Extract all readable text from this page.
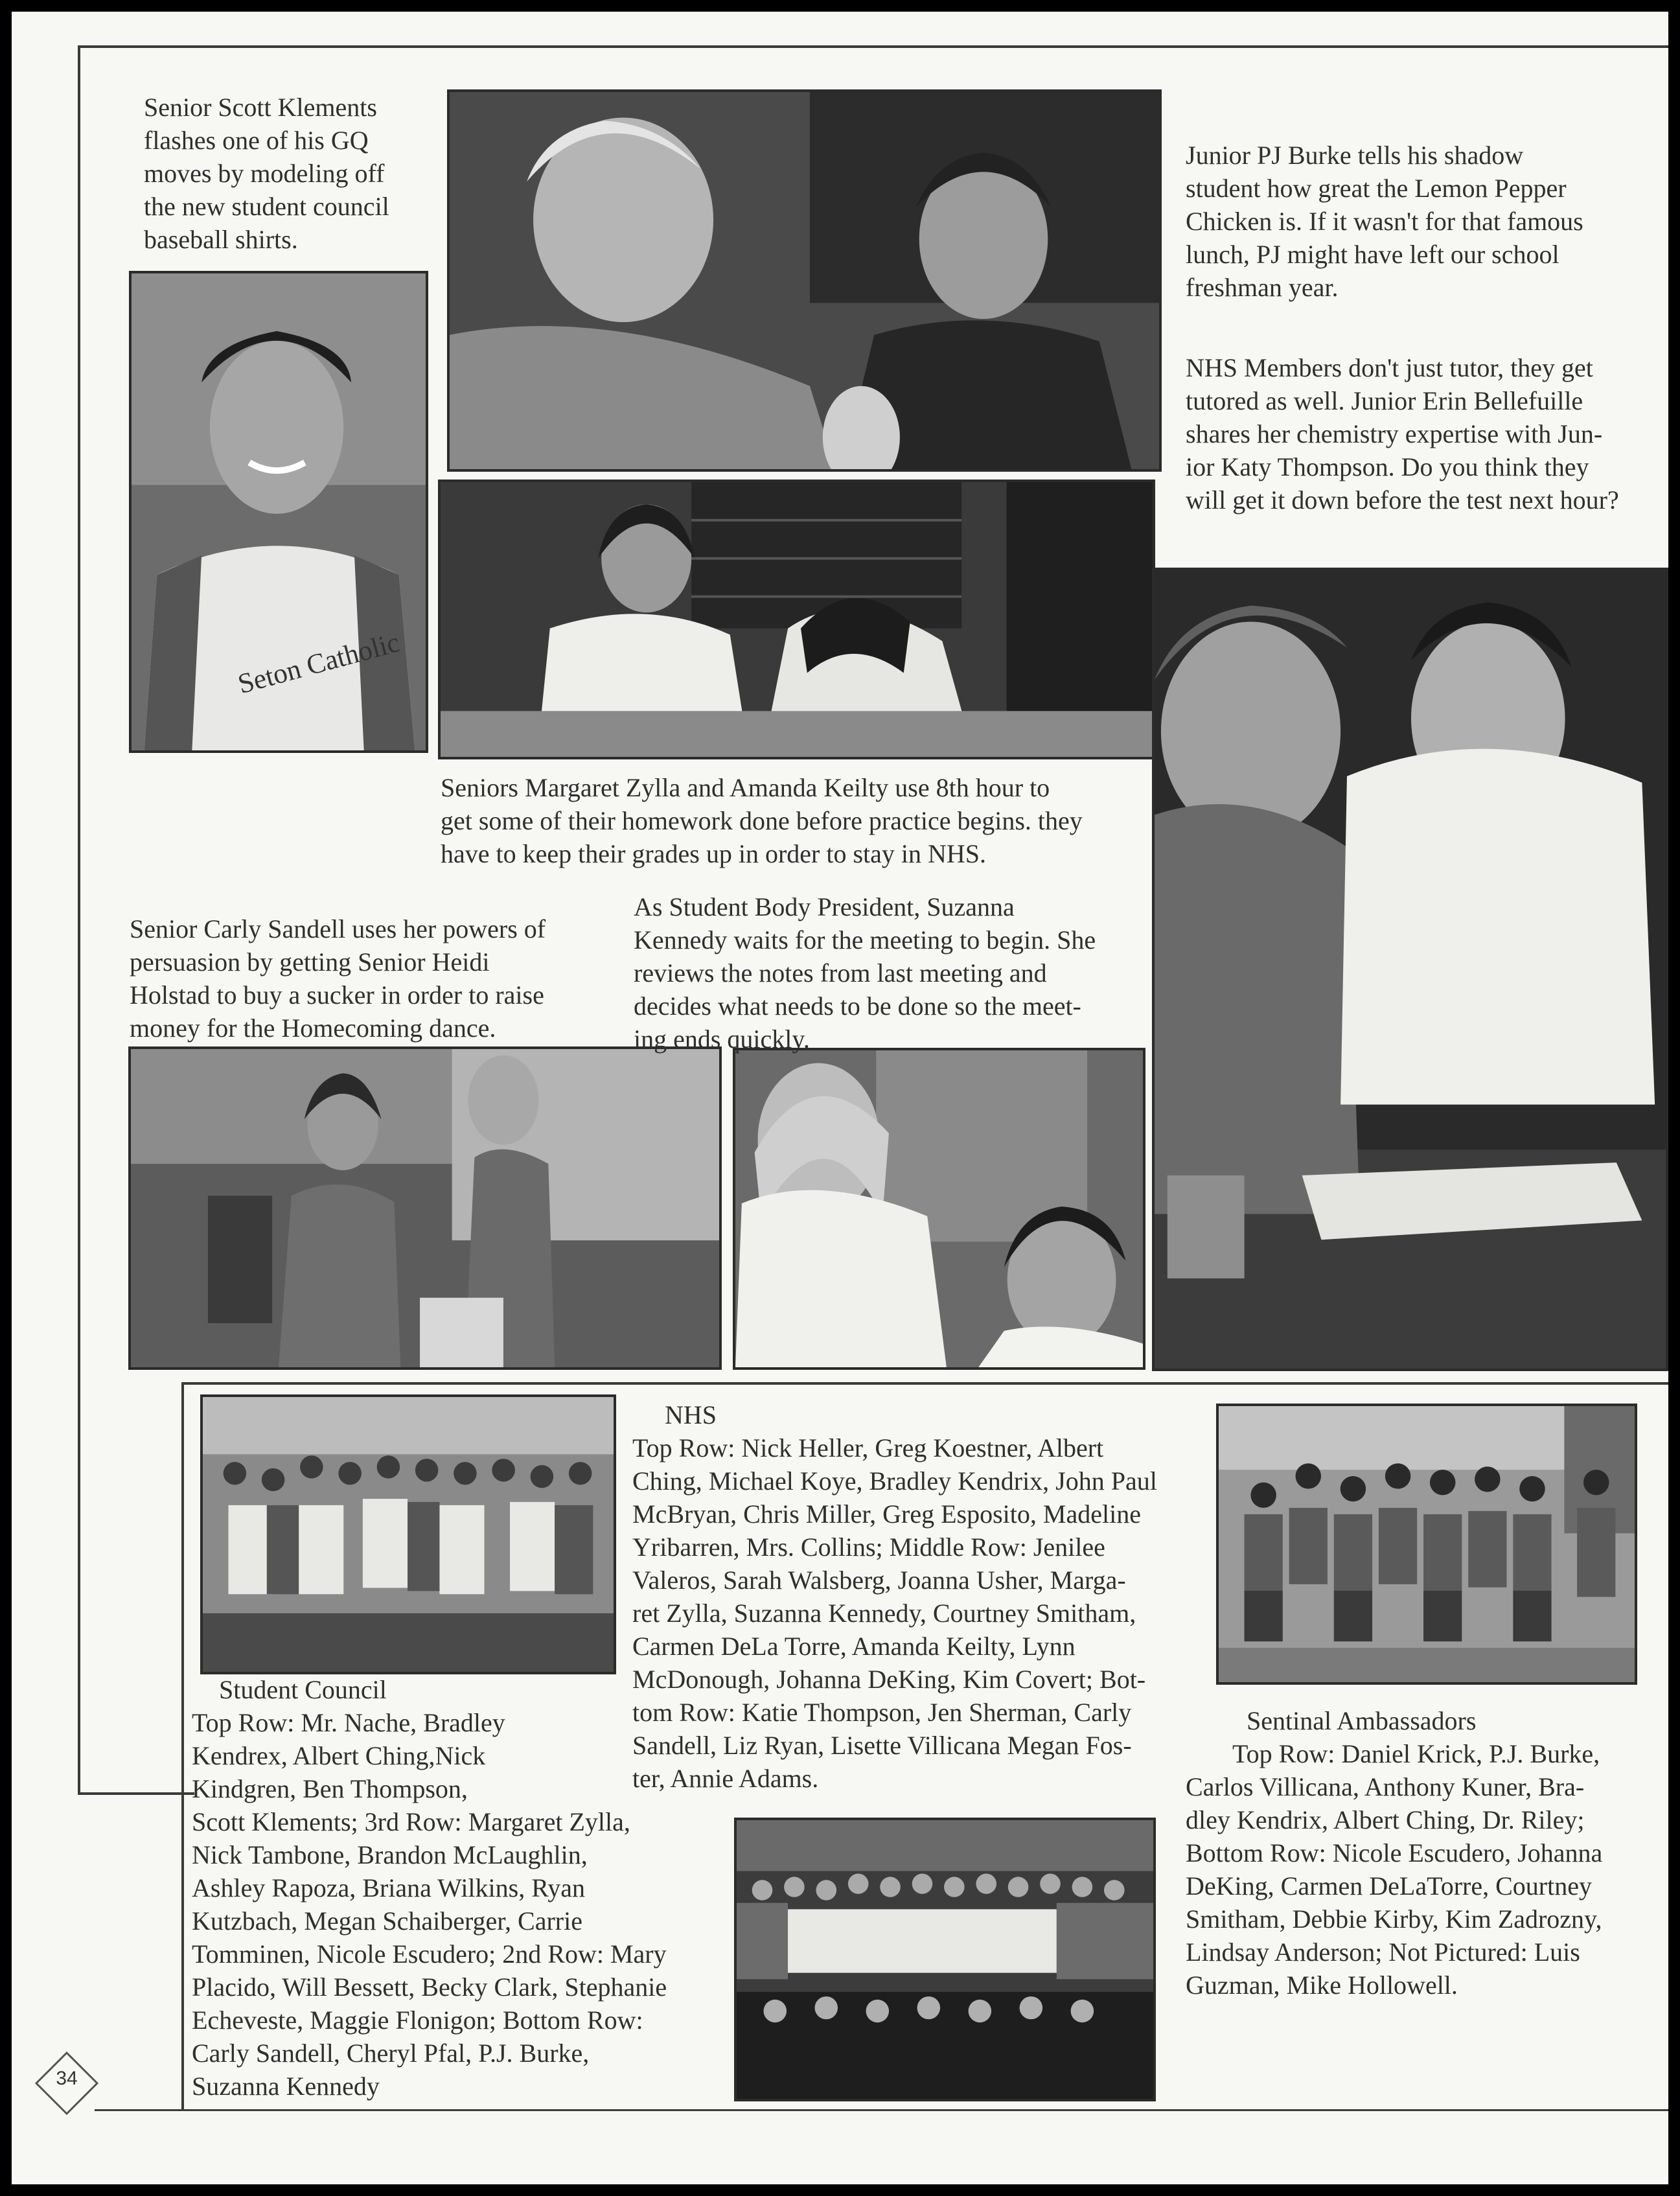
Seton Catholic

Senior Scott Klements

flashes one of his GQ

moves by modeling off

the new student council

baseball shirts.

Junior PJ Burke tells his shadow

student how great the Lemon Pepper

Chicken is. If it wasn't for that famous

lunch, PJ might have left our school

freshman year.

NHS Members don't just tutor, they get

tutored as well. Junior Erin Bellefuille

shares her chemistry expertise with Jun-

ior Katy Thompson. Do you think they

will get it down before the test next hour?

Seniors Margaret Zylla and Amanda Keilty use 8th hour to

get some of their homework done before practice begins. they

have to keep their grades up in order to stay in NHS.

Senior Carly Sandell uses her powers of

persuasion by getting Senior Heidi

Holstad to buy a sucker in order to raise

money for the Homecoming dance.

As Student Body President, Suzanna

Kennedy waits for the meeting to begin. She

reviews the notes from last meeting and

decides what needs to be done so the meet-

ing ends quickly.

Student Council

Top Row: Mr. Nache, Bradley

Kendrex, Albert Ching,Nick

Kindgren, Ben Thompson,

Scott Klements; 3rd Row: Margaret Zylla,

Nick Tambone, Brandon McLaughlin,

Ashley Rapoza, Briana Wilkins, Ryan

Kutzbach, Megan Schaiberger, Carrie

Tomminen, Nicole Escudero; 2nd Row: Mary

Placido, Will Bessett, Becky Clark, Stephanie

Echeveste, Maggie Flonigon; Bottom Row:

Carly Sandell, Cheryl Pfal, P.J. Burke,

Suzanna Kennedy

NHS

Top Row: Nick Heller, Greg Koestner, Albert

Ching, Michael Koye, Bradley Kendrix, John Paul

McBryan, Chris Miller, Greg Esposito, Madeline

Yribarren, Mrs. Collins; Middle Row: Jenilee

Valeros, Sarah Walsberg, Joanna Usher, Marga-

ret Zylla, Suzanna Kennedy, Courtney Smitham,

Carmen DeLa Torre, Amanda Keilty, Lynn

McDonough, Johanna DeKing, Kim Covert; Bot-

tom Row: Katie Thompson, Jen Sherman, Carly

Sandell, Liz Ryan, Lisette Villicana Megan Fos-

ter, Annie Adams.

Sentinal Ambassadors

Top Row: Daniel Krick, P.J. Burke,

Carlos Villicana, Anthony Kuner, Bra-

dley Kendrix, Albert Ching, Dr. Riley;

Bottom Row: Nicole Escudero, Johanna

DeKing, Carmen DeLaTorre, Courtney

Smitham, Debbie Kirby, Kim Zadrozny,

Lindsay Anderson; Not Pictured: Luis

Guzman, Mike Hollowell.

34
